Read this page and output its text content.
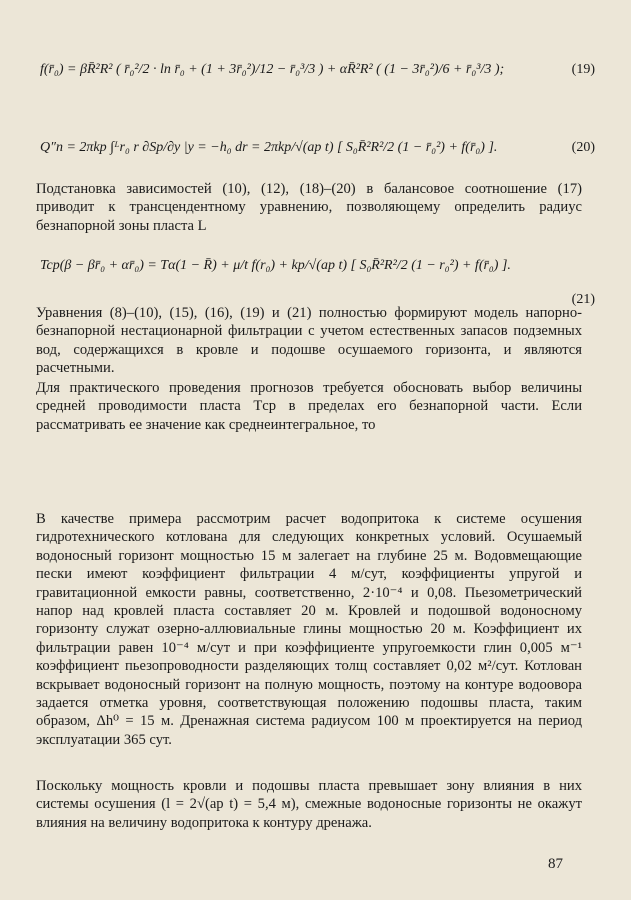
f(r̄₀) = βR̄²R² ( r̄₀²/2 · ln r̄₀ + (1 + 3r̄₀²)/12 − r̄₀³/3 ) + αR̄²R² ( (1 − 3r̄₀²)/6 + r̄₀³/3 );	(19)
Q″п = 2πkp ∫ᴸr₀ r ∂Sp/∂y |y = −h₀ dr = 2πkp/√(ap t) [ S₀R̄²R²/2 (1 − r̄₀²) + f(r̄₀) ].	(20)

Подстановка зависимостей (10), (12), (18)–(20) в балансовое соотношение (17) приводит к трансцендентному уравнению, позволяющему определить радиус безнапорной зоны пласта L

Tcp(β − βr̄₀ + αr̄₀) = Tα(1 − R̄) + μ/t f(r₀) + kp/√(ap t) [ S₀R̄²R²/2 (1 − r₀²) + f(r̄₀) ].
(21)

Уравнения (8)–(10), (15), (16), (19) и (21) полностью формируют модель напорно-безнапорной нестационарной фильтрации с учетом естественных запасов подземных вод, содержащихся в кровле и подошве осушаемого горизонта, и являются расчетными.

Для практического проведения прогнозов требуется обосновать выбор величины средней проводимости пласта Tср в пределах его безнапорной части. Если рассматривать ее значение как среднеинтегральное, то

В качестве примера рассмотрим расчет водопритока к системе осушения гидротехнического котлована для следующих конкретных условий. Осушаемый водоносный горизонт мощностью 15 м залегает на глубине 25 м. Водовмещающие пески имеют коэффициент фильтрации 4 м/сут, коэффициенты упругой и гравитационной емкости равны, соответственно, 2·10⁻⁴ и 0,08. Пьезометрический напор над кровлей пласта составляет 20 м. Кровлей и подошвой водоносному горизонту служат озерно-аллювиальные глины мощностью 20 м. Коэффициент их фильтрации равен 10⁻⁴ м/сут и при коэффициенте упругоемкости глин 0,005 м⁻¹ коэффициент пьезопроводности разделяющих толщ составляет 0,02 м²/сут. Котлован вскрывает водоносный горизонт на полную мощность, поэтому на контуре водоовора задается отметка уровня, соответствующая положению подошвы пласта, таким образом, Δh⁰ = 15 м. Дренажная система радиусом 100 м проектируется на период эксплуатации 365 сут.

Поскольку мощность кровли и подошвы пласта превышает зону влияния в них системы осушения (l = 2√(ap t) = 5,4 м), смежные водоносные горизонты не окажут влияния на величину водопритока к контуру дренажа.

87
